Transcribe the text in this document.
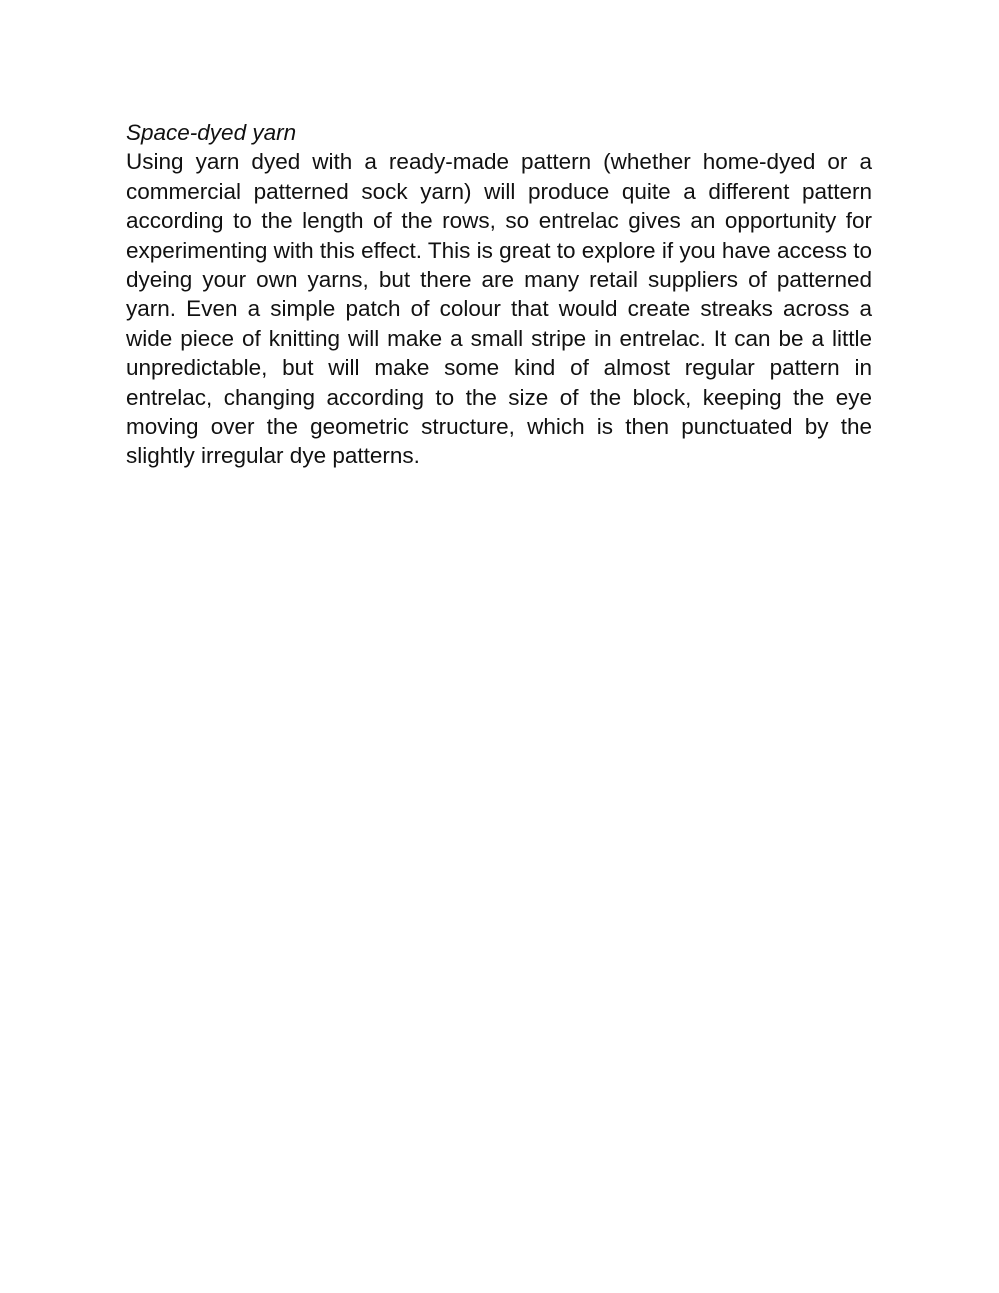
Space-dyed yarn

Using yarn dyed with a ready-made pattern (whether home-dyed or a commercial patterned sock yarn) will produce quite a different pattern according to the length of the rows, so entrelac gives an opportunity for experimenting with this effect. This is great to explore if you have access to dyeing your own yarns, but there are many retail suppliers of patterned yarn. Even a simple patch of colour that would create streaks across a wide piece of knitting will make a small stripe in entrelac. It can be a little unpredictable, but will make some kind of almost regular pattern in entrelac, changing according to the size of the block, keeping the eye moving over the geometric structure, which is then punctuated by the slightly irregular dye patterns.
